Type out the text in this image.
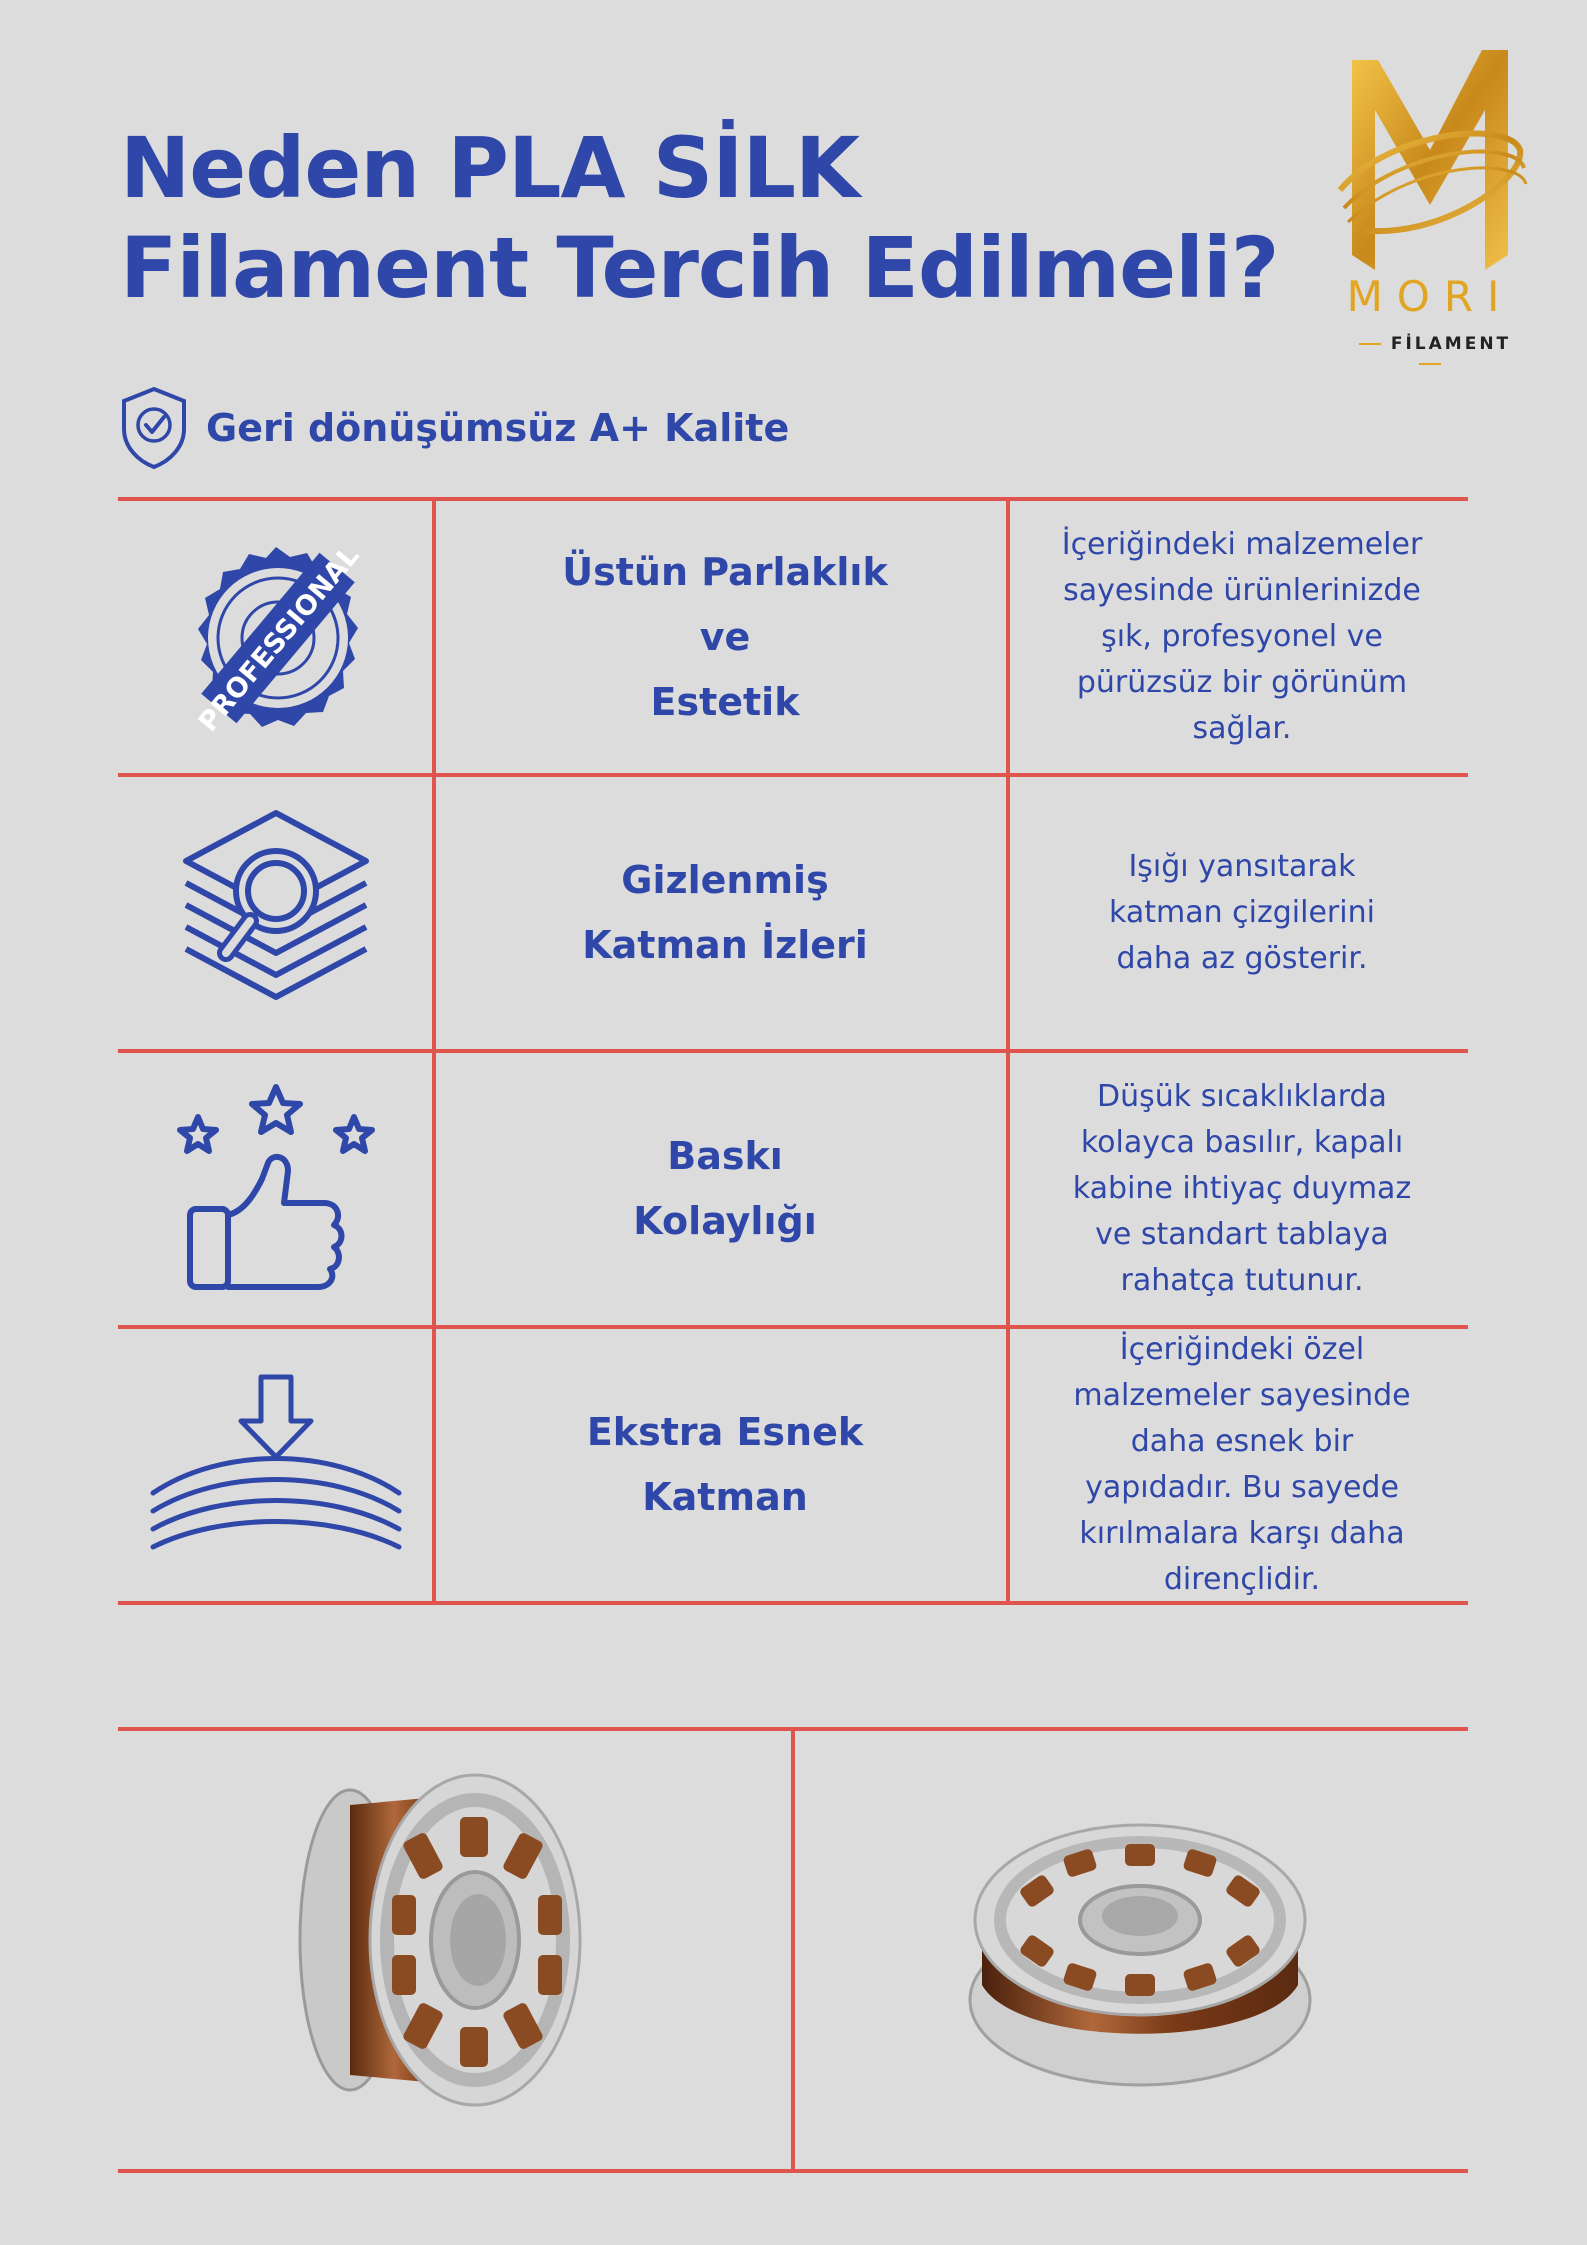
Neden PLA SİLK
Filament Tercih Edilmeli?	MORI
FİLAMENT
Geri dönüşümsüz A+ Kalite
PROFESSIONAL	Üstün Parlaklık
ve
Estetik
İçeriğindeki malzemeler
sayesinde ürünlerinizde
şık, profesyonel ve
pürüzsüz bir görünüm
sağlar.
Gizlenmiş
Katman İzleri
Işığı yansıtarak
katman çizgilerini
daha az gösterir.
Baskı
Kolaylığı
Düşük sıcaklıklarda
kolayca basılır, kapalı
kabine ihtiyaç duymaz
ve standart tablaya
rahatça tutunur.
Ekstra Esnek
Katman
İçeriğindeki özel
malzemeler sayesinde
daha esnek bir
yapıdadır. Bu sayede
kırılmalara karşı daha
dirençlidir.
